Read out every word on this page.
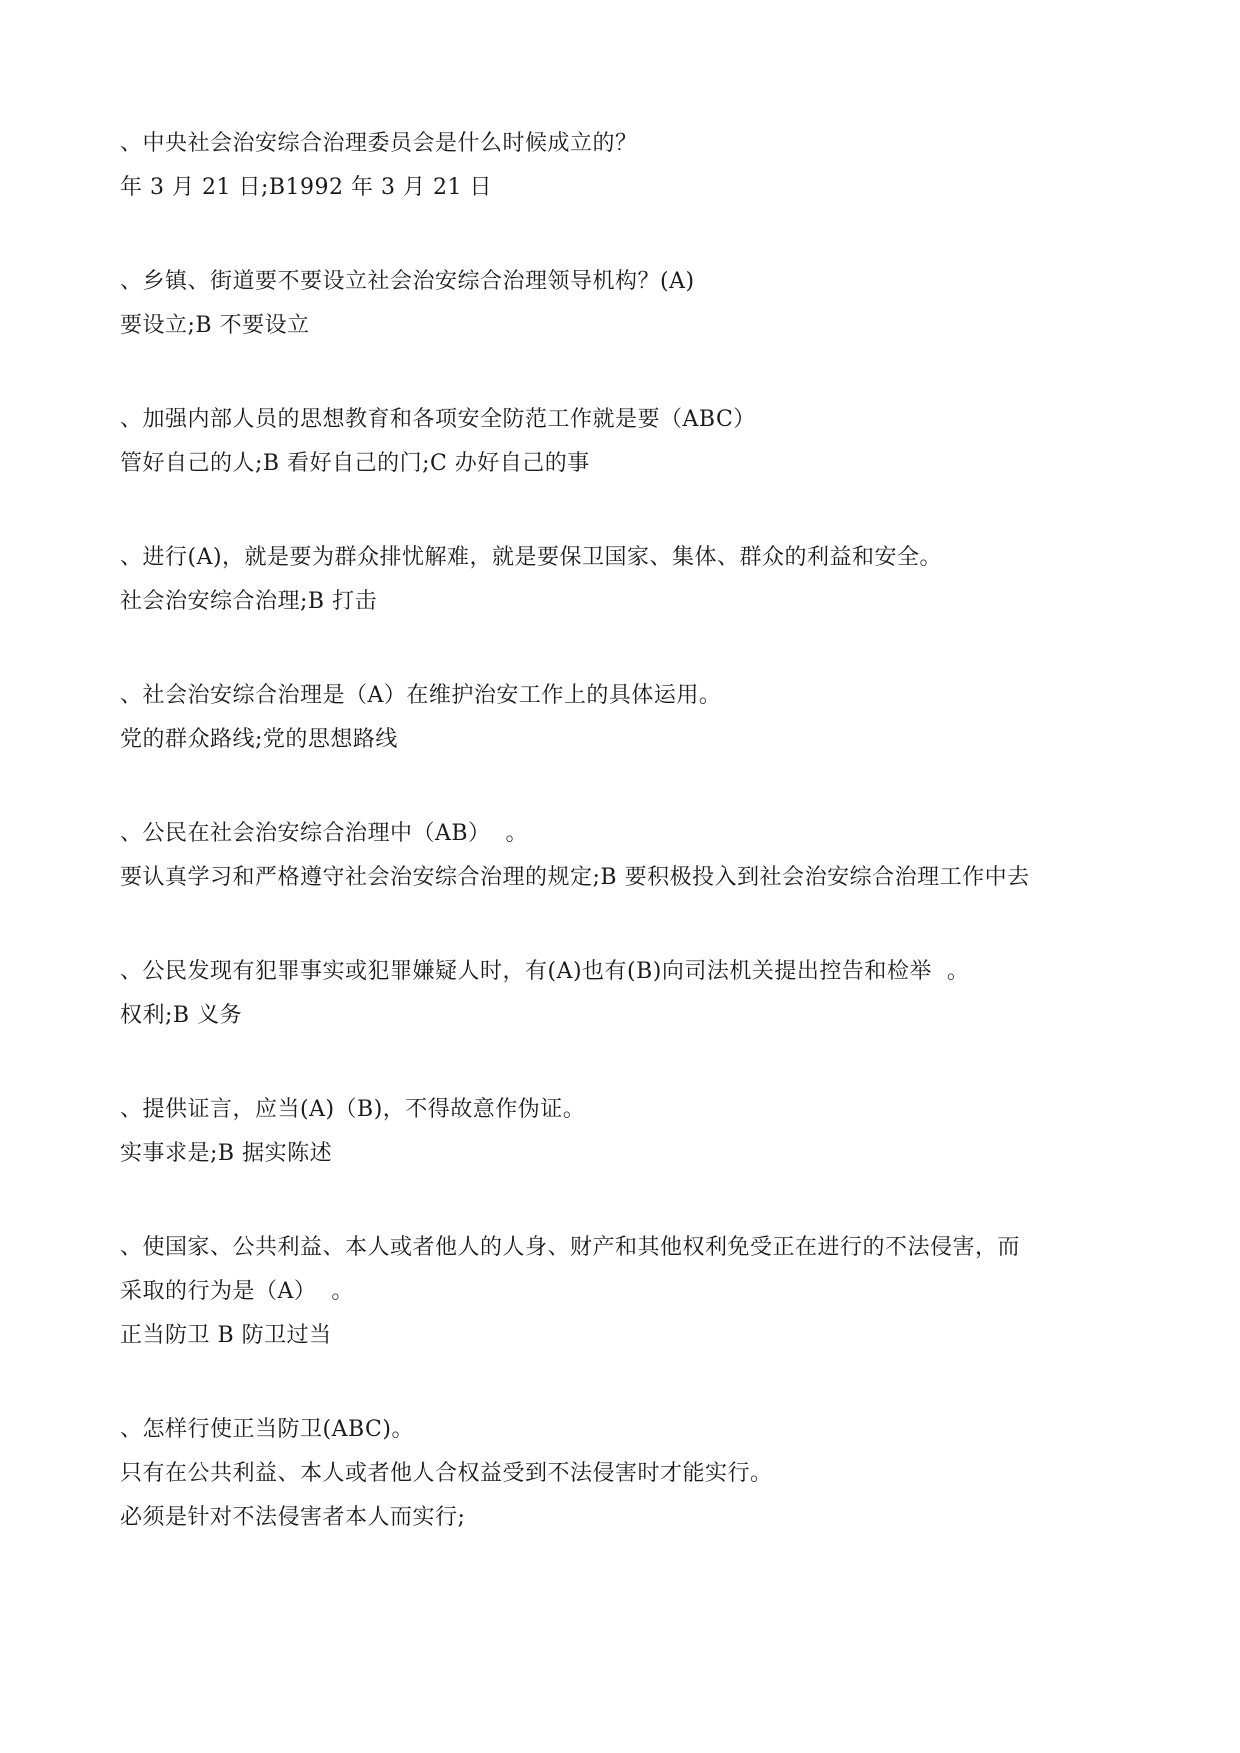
、中央社会治安综合治理委员会是什么时候成立的？
年 3 月 21 日;B1992 年 3 月 21 日
、乡镇、街道要不要设立社会治安综合治理领导机构？(A)
要设立;B 不要设立
、加强内部人员的思想教育和各项安全防范工作就是要（ABC）
管好自己的人;B 看好自己的门;C 办好自己的事
、进行(A)，就是要为群众排忧解难，就是要保卫国家、集体、群众的利益和安全。
社会治安综合治理;B 打击
、社会治安综合治理是（A）在维护治安工作上的具体运用。
党的群众路线;党的思想路线
、公民在社会治安综合治理中（AB）  。
要认真学习和严格遵守社会治安综合治理的规定;B 要积极投入到社会治安综合治理工作中去
、公民发现有犯罪事实或犯罪嫌疑人时，有(A)也有(B)向司法机关提出控告和检举  。
权利;B 义务
、提供证言，应当(A)（B)，不得故意作伪证。
实事求是;B 据实陈述
、使国家、公共利益、本人或者他人的人身、财产和其他权利免受正在进行的不法侵害，而
采取的行为是（A）  。
正当防卫 B 防卫过当
、怎样行使正当防卫(ABC)。
只有在公共利益、本人或者他人合权益受到不法侵害时才能实行。
必须是针对不法侵害者本人而实行;
